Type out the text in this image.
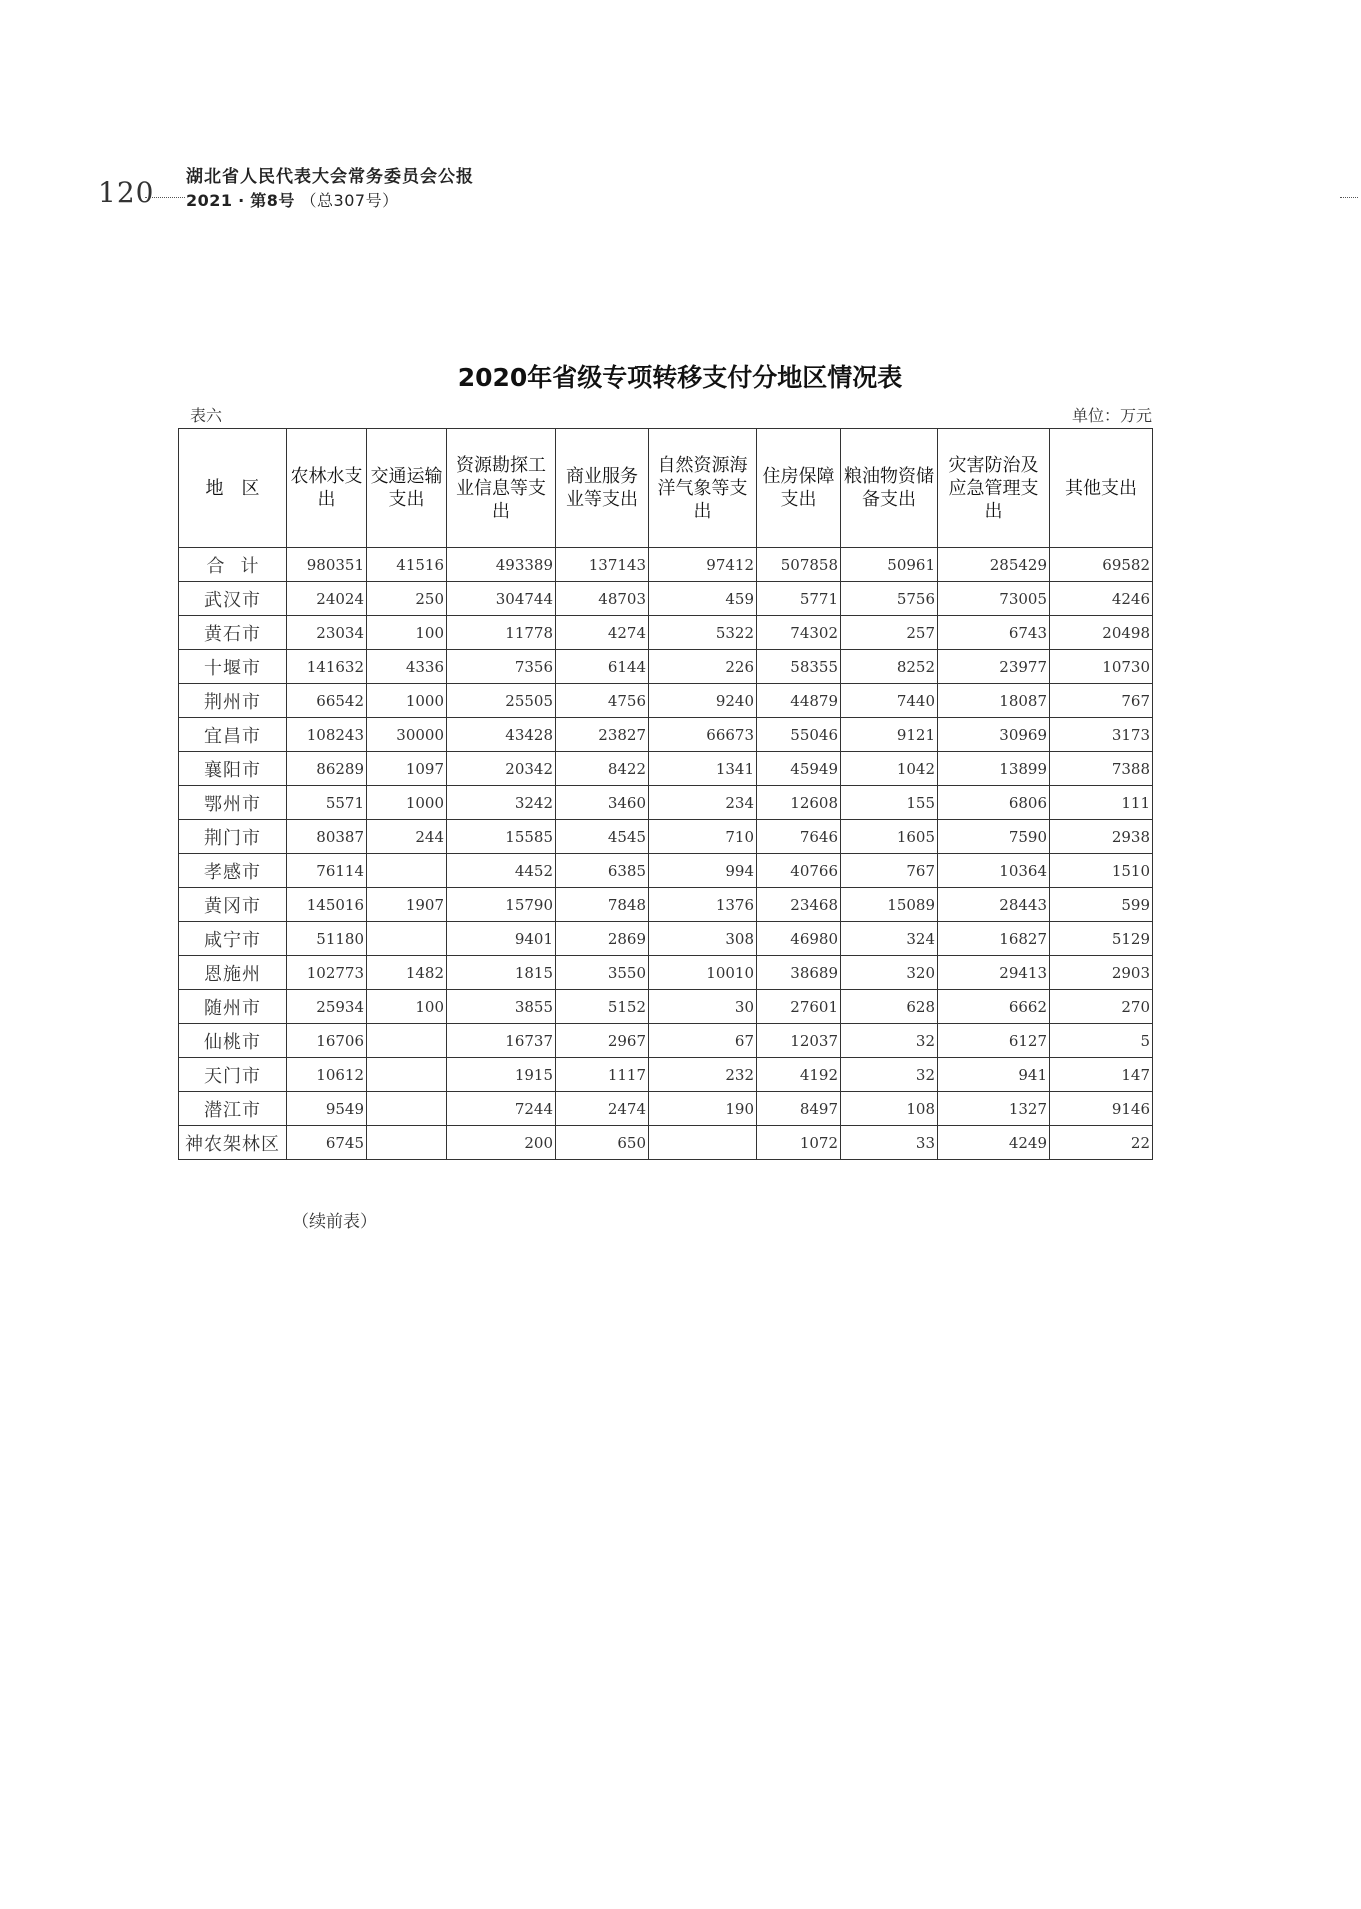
120 湖北省人民代表大会常务委员会公报
2021 · 第8号 （总307号）
2020年省级专项转移支付分地区情况表
表六	单位：万元
地　区	农林水支出	交通运输支出	资源勘探工业信息等支出	商业服务业等支出	自然资源海洋气象等支出	住房保障支出	粮油物资储备支出	灾害防治及应急管理支出	其他支出
合计	980351	41516	493389	137143	97412	507858	50961	285429	69582
武汉市	24024	250	304744	48703	459	5771	5756	73005	4246
黄石市	23034	100	11778	4274	5322	74302	257	6743	20498
十堰市	141632	4336	7356	6144	226	58355	8252	23977	10730
荆州市	66542	1000	25505	4756	9240	44879	7440	18087	767
宜昌市	108243	30000	43428	23827	66673	55046	9121	30969	3173
襄阳市	86289	1097	20342	8422	1341	45949	1042	13899	7388
鄂州市	5571	1000	3242	3460	234	12608	155	6806	111
荆门市	80387	244	15585	4545	710	7646	1605	7590	2938
孝感市	76114		4452	6385	994	40766	767	10364	1510
黄冈市	145016	1907	15790	7848	1376	23468	15089	28443	599
咸宁市	51180		9401	2869	308	46980	324	16827	5129
恩施州	102773	1482	1815	3550	10010	38689	320	29413	2903
随州市	25934	100	3855	5152	30	27601	628	6662	270
仙桃市	16706		16737	2967	67	12037	32	6127	5
天门市	10612		1915	1117	232	4192	32	941	147
潜江市	9549		7244	2474	190	8497	108	1327	9146
神农架林区	6745		200	650		1072	33	4249	22
（续前表）
